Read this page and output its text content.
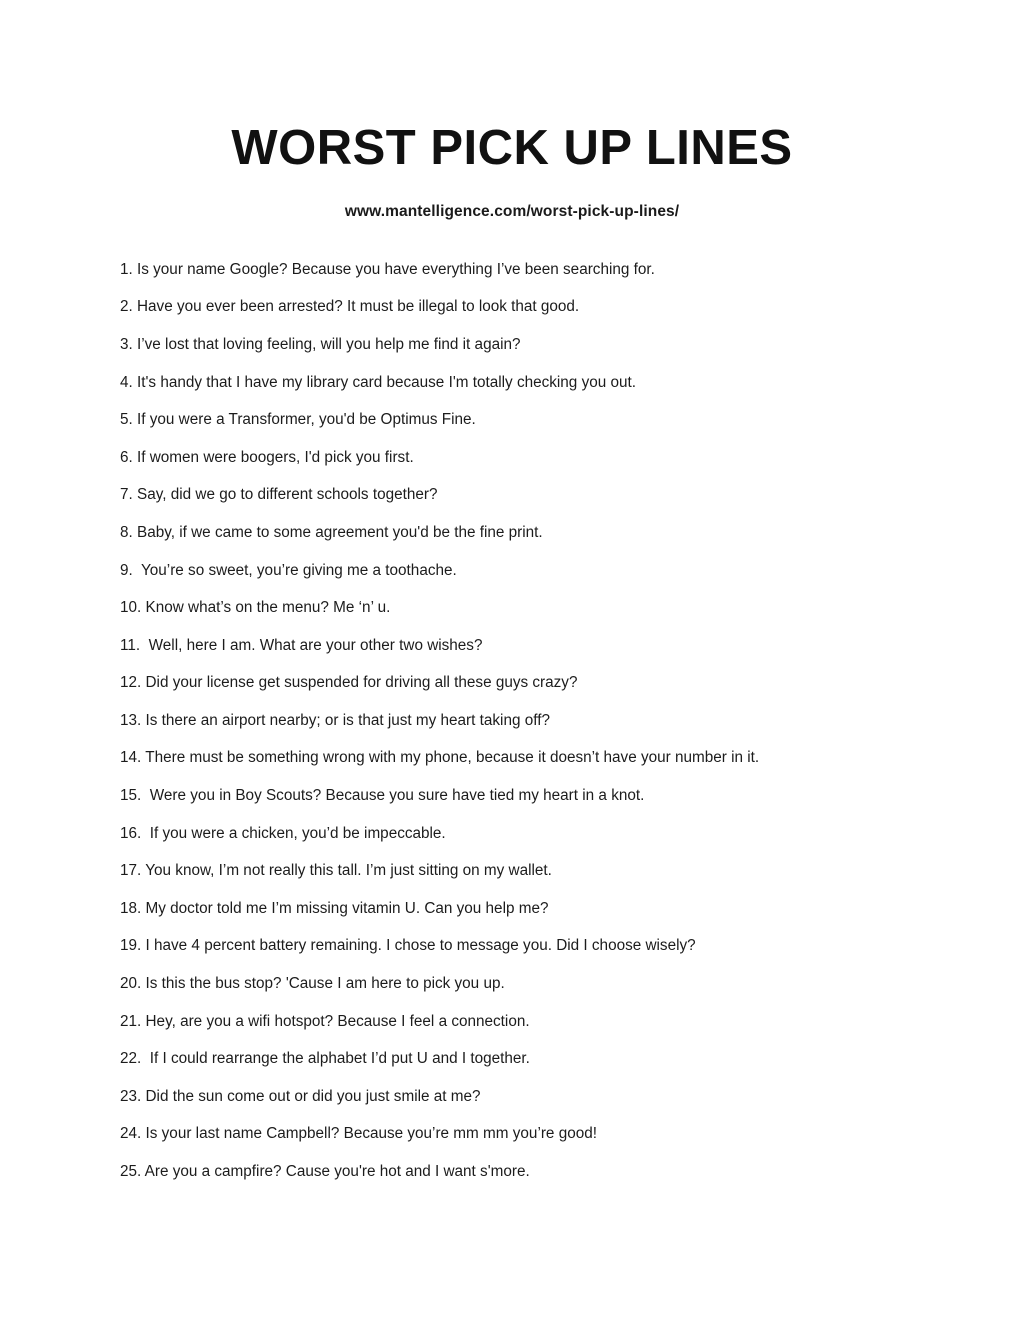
WORST PICK UP LINES
www.mantelligence.com/worst-pick-up-lines/
1. Is your name Google? Because you have everything I’ve been searching for.
2. Have you ever been arrested? It must be illegal to look that good.
3. I’ve lost that loving feeling, will you help me find it again?
4. It's handy that I have my library card because I'm totally checking you out.
5. If you were a Transformer, you'd be Optimus Fine.
6. If women were boogers, I'd pick you first.
7. Say, did we go to different schools together?
8. Baby, if we came to some agreement you'd be the fine print.
9.  You’re so sweet, you’re giving me a toothache.
10. Know what’s on the menu? Me ‘n’ u.
11.  Well, here I am. What are your other two wishes?
12. Did your license get suspended for driving all these guys crazy?
13. Is there an airport nearby; or is that just my heart taking off?
14. There must be something wrong with my phone, because it doesn’t have your number in it.
15.  Were you in Boy Scouts? Because you sure have tied my heart in a knot.
16.  If you were a chicken, you’d be impeccable.
17. You know, I’m not really this tall. I’m just sitting on my wallet.
18. My doctor told me I’m missing vitamin U. Can you help me?
19. I have 4 percent battery remaining. I chose to message you. Did I choose wisely?
20. Is this the bus stop? 'Cause I am here to pick you up.
21. Hey, are you a wifi hotspot? Because I feel a connection.
22.  If I could rearrange the alphabet I’d put U and I together.
23. Did the sun come out or did you just smile at me?
24. Is your last name Campbell? Because you’re mm mm you’re good!
25. Are you a campfire? Cause you're hot and I want s'more.
